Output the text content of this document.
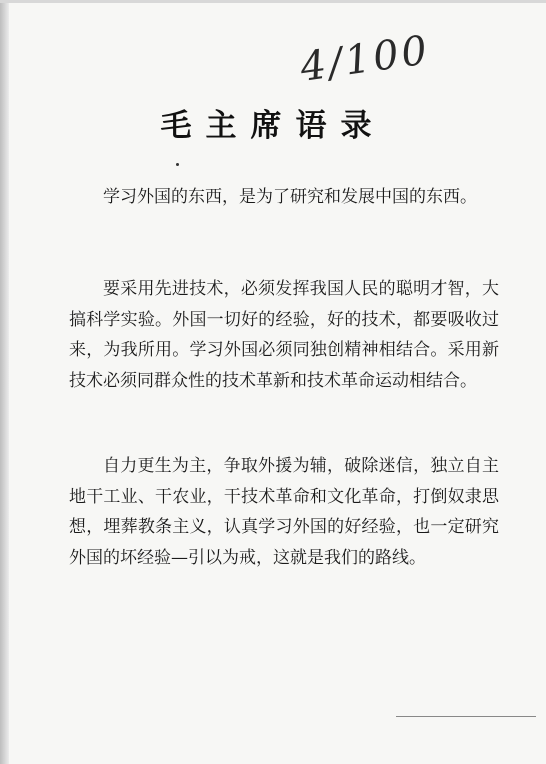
4/100
毛主席语录

学习外国的东西，是为了研究和发展中国的东西。

要采用先进技术，必须发挥我国人民的聪明才智，大搞科学实验。外国一切好的经验，好的技术，都要吸收过来，为我所用。学习外国必须同独创精神相结合。采用新技术必须同群众性的技术革新和技术革命运动相结合。

自力更生为主，争取外援为辅，破除迷信，独立自主地干工业、干农业，干技术革命和文化革命，打倒奴隶思想，埋葬教条主义，认真学习外国的好经验，也一定研究外国的坏经验—引以为戒，这就是我们的路线。
